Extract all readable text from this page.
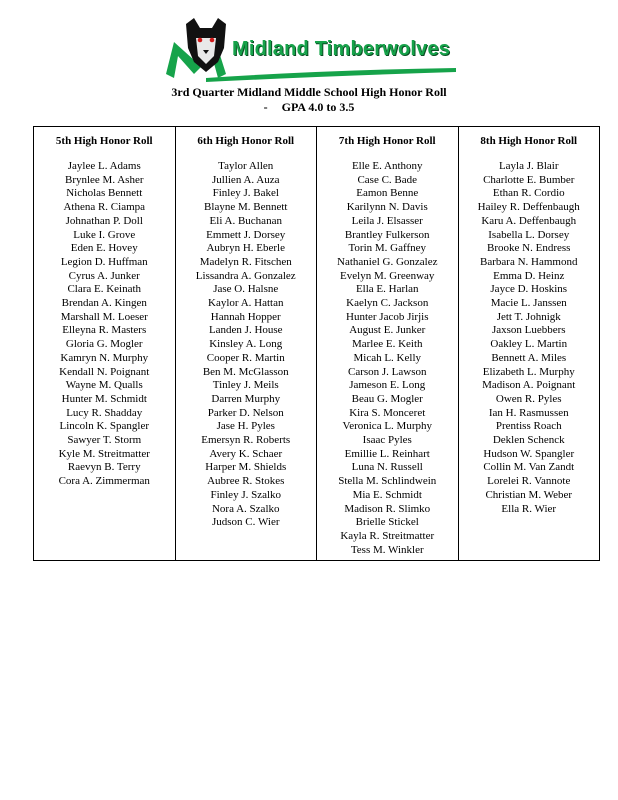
Midland Timberwolves
3rd Quarter Midland Middle School High Honor Roll
- GPA 4.0 to 3.5
5th High Honor Roll
Jaylee L. Adams
Brynlee M. Asher
Nicholas Bennett
Athena R. Ciampa
Johnathan P. Doll
Luke I. Grove
Eden E. Hovey
Legion D. Huffman
Cyrus A. Junker
Clara E. Keinath
Brendan A. Kingen
Marshall M. Loeser
Elleyna R. Masters
Gloria G. Mogler
Kamryn N. Murphy
Kendall N. Poignant
Wayne M. Qualls
Hunter M. Schmidt
Lucy R. Shadday
Lincoln K. Spangler
Sawyer T. Storm
Kyle M. Streitmatter
Raevyn B. Terry
Cora A. Zimmerman
6th High Honor Roll
Taylor Allen
Jullien A. Auza
Finley J. Bakel
Blayne M. Bennett
Eli A. Buchanan
Emmett J. Dorsey
Aubryn H. Eberle
Madelyn R. Fitschen
Lissandra A. Gonzalez
Jase O. Halsne
Kaylor A. Hattan
Hannah Hopper
Landen J. House
Kinsley A. Long
Cooper R. Martin
Ben M. McGlasson
Tinley J. Meils
Darren Murphy
Parker D. Nelson
Jase H. Pyles
Emersyn R. Roberts
Avery K. Schaer
Harper M. Shields
Aubree R. Stokes
Finley J. Szalko
Nora A. Szalko
Judson C. Wier
7th High Honor Roll
Elle E. Anthony
Case C. Bade
Eamon Benne
Karilynn N. Davis
Leila J. Elsasser
Brantley Fulkerson
Torin M. Gaffney
Nathaniel G. Gonzalez
Evelyn M. Greenway
Ella E. Harlan
Kaelyn C. Jackson
Hunter Jacob Jirjis
August E. Junker
Marlee E. Keith
Micah L. Kelly
Carson J. Lawson
Jameson E. Long
Beau G. Mogler
Kira S. Monceret
Veronica L. Murphy
Isaac Pyles
Emillie L. Reinhart
Luna N. Russell
Stella M. Schlindwein
Mia E. Schmidt
Madison R. Slimko
Brielle Stickel
Kayla R. Streitmatter
Tess M. Winkler
8th High Honor Roll
Layla J. Blair
Charlotte E. Bumber
Ethan R. Cordio
Hailey R. Deffenbaugh
Karu A. Deffenbaugh
Isabella L. Dorsey
Brooke N. Endress
Barbara N. Hammond
Emma D. Heinz
Jayce D. Hoskins
Macie L. Janssen
Jett T. Johnigk
Jaxson Luebbers
Oakley L. Martin
Bennett A. Miles
Elizabeth L. Murphy
Madison A. Poignant
Owen R. Pyles
Ian H. Rasmussen
Prentiss Roach
Deklen Schenck
Hudson W. Spangler
Collin M. Van Zandt
Lorelei R. Vannote
Christian M. Weber
Ella R. Wier
